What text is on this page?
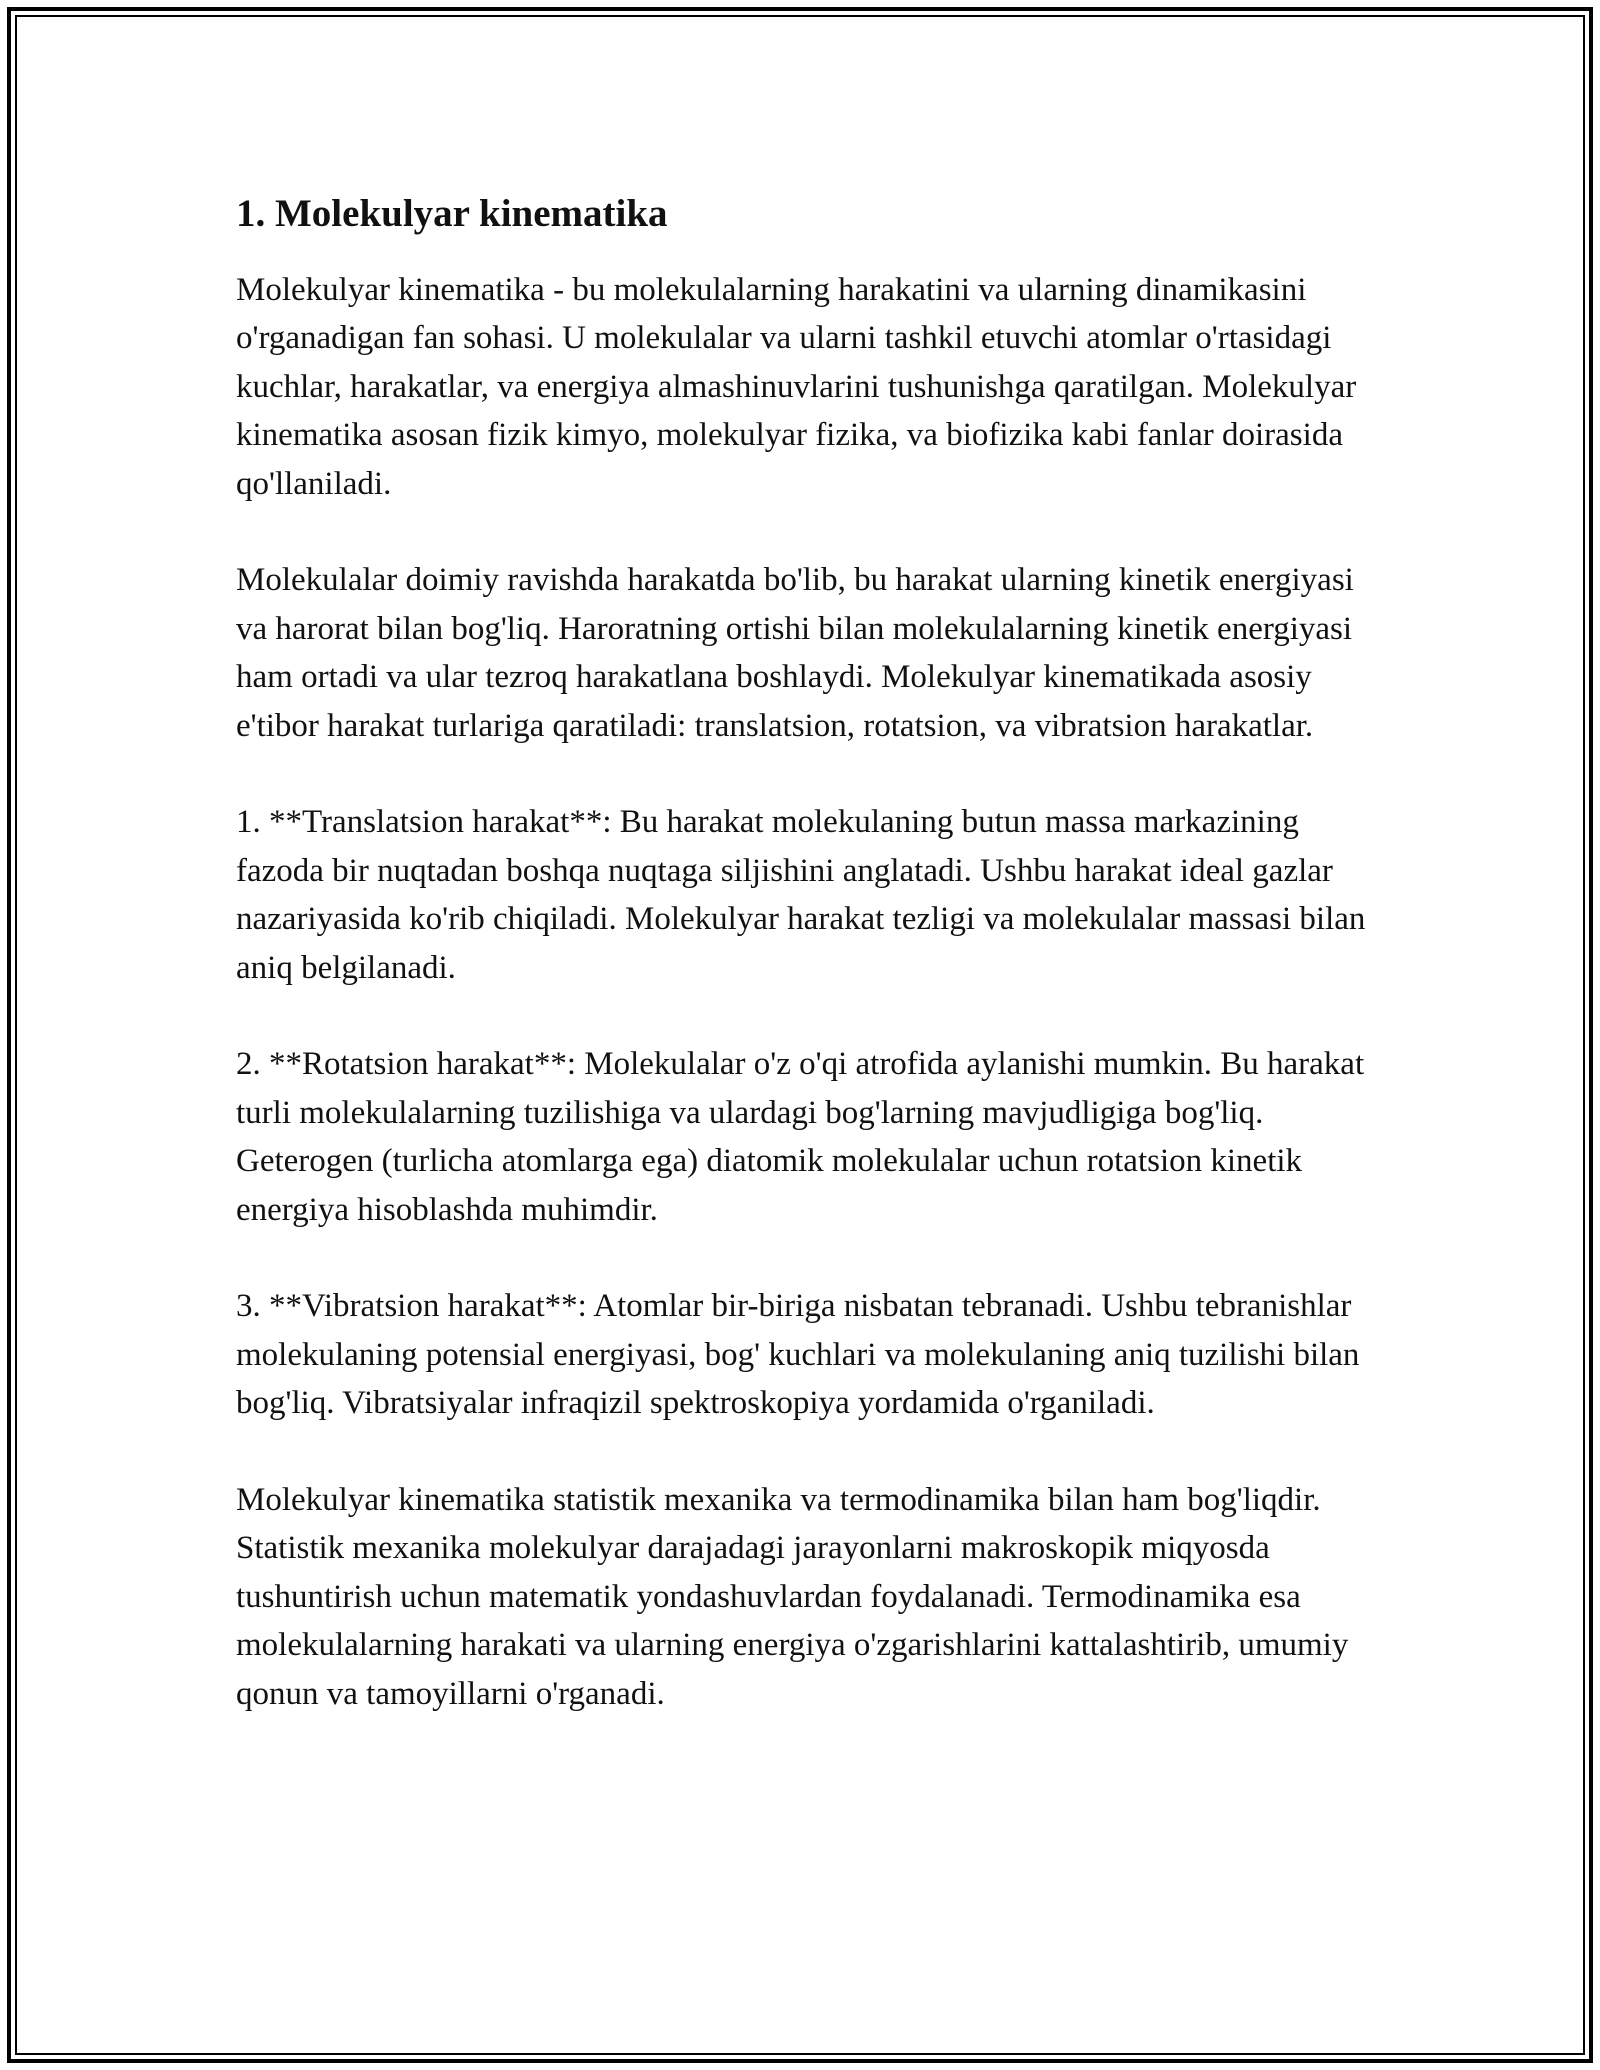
1. Molekulyar kinematika

Molekulyar kinematika - bu molekulalarning harakatini va ularning dinamikasini o'rganadigan fan sohasi. U molekulalar va ularni tashkil etuvchi atomlar o'rtasidagi kuchlar, harakatlar, va energiya almashinuvlarini tushunishga qaratilgan. Molekulyar kinematika asosan fizik kimyo, molekulyar fizika, va biofizika kabi fanlar doirasida qo'llaniladi.

Molekulalar doimiy ravishda harakatda bo'lib, bu harakat ularning kinetik energiyasi va harorat bilan bog'liq. Haroratning ortishi bilan molekulalarning kinetik energiyasi ham ortadi va ular tezroq harakatlana boshlaydi. Molekulyar kinematikada asosiy e'tibor harakat turlariga qaratiladi: translatsion, rotatsion, va vibratsion harakatlar.

1. **Translatsion harakat**: Bu harakat molekulaning butun massa markazining fazoda bir nuqtadan boshqa nuqtaga siljishini anglatadi. Ushbu harakat ideal gazlar nazariyasida ko'rib chiqiladi. Molekulyar harakat tezligi va molekulalar massasi bilan aniq belgilanadi.

2. **Rotatsion harakat**: Molekulalar o'z o'qi atrofida aylanishi mumkin. Bu harakat turli molekulalarning tuzilishiga va ulardagi bog'larning mavjudligiga bog'liq. Geterogen (turlicha atomlarga ega) diatomik molekulalar uchun rotatsion kinetik energiya hisoblashda muhimdir.

3. **Vibratsion harakat**: Atomlar bir-biriga nisbatan tebranadi. Ushbu tebranishlar molekulaning potensial energiyasi, bog' kuchlari va molekulaning aniq tuzilishi bilan bog'liq. Vibratsiyalar infraqizil spektroskopiya yordamida o'rganiladi.

Molekulyar kinematika statistik mexanika va termodinamika bilan ham bog'liqdir. Statistik mexanika molekulyar darajadagi jarayonlarni makroskopik miqyosda tushuntirish uchun matematik yondashuvlardan foydalanadi. Termodinamika esa molekulalarning harakati va ularning energiya o'zgarishlarini kattalashtirib, umumiy qonun va tamoyillarni o'rganadi.
